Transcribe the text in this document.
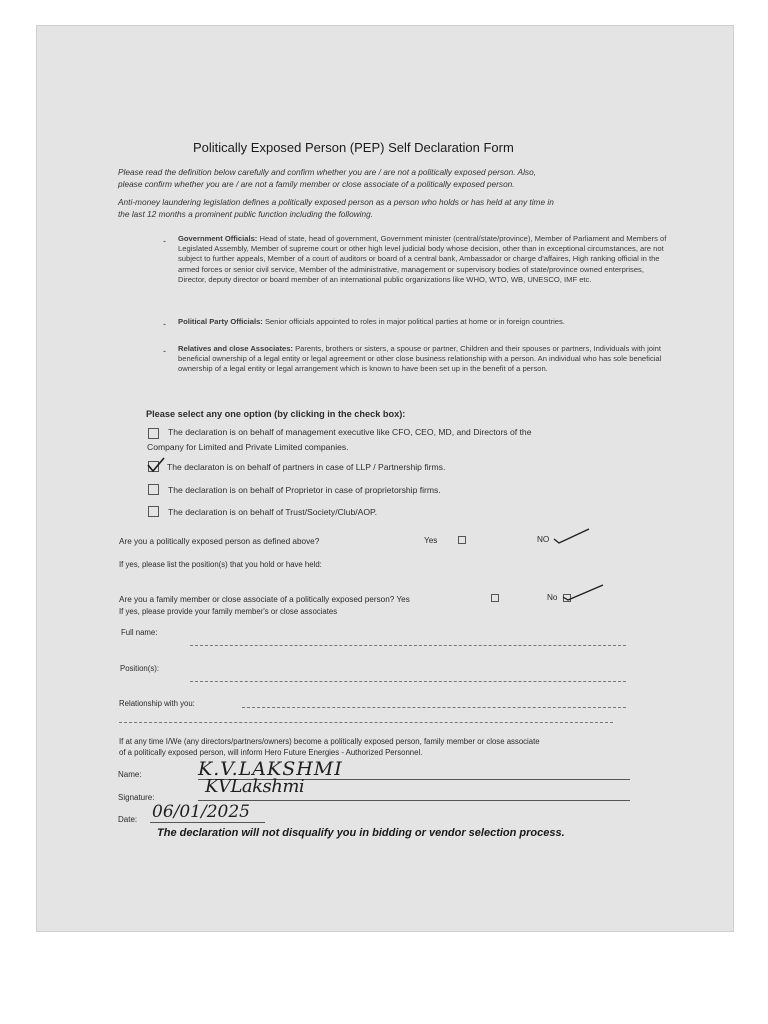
Politically Exposed Person (PEP) Self Declaration Form
Please read the definition below carefully and confirm whether you are / are not a politically exposed person. Also,
please confirm whether you are / are not a family member or close associate of a politically exposed person.
Anti-money laundering legislation defines a politically exposed person as a person who holds or has held at any time in
the last 12 months a prominent public function including the following.
- Government Officials: Head of state, head of government, Government minister (central/state/province), Member of Parliament and Members of Legislated Assembly, Member of supreme court or other high level judicial body whose decision, other than in exceptional circumstances, are not subject to further appeals, Member of a court of auditors or board of a central bank, Ambassador or charge d'affaires, High ranking official in the armed forces or senior civil service, Member of the administrative, management or supervisory bodies of state/province owned enterprises, Director, deputy director or board member of an international public organizations like WHO, WTO, WB, UNESCO, IMF etc.
- Political Party Officials: Senior officials appointed to roles in major political parties at home or in foreign countries.
- Relatives and close Associates: Parents, brothers or sisters, a spouse or partner, Children and their spouses or partners, Individuals with joint beneficial ownership of a legal entity or legal agreement or other close business relationship with a person. An individual who has sole beneficial ownership of a legal entity or legal arrangement which is known to have been set up in the benefit of a person.
Please select any one option (by clicking in the check box):
The declaration is on behalf of management executive like CFO, CEO, MD, and Directors of the
Company for Limited and Private Limited companies.
The declaraton is on behalf of partners in case of LLP / Partnership firms.
The declaration is on behalf of Proprietor in case of proprietorship firms.
The declaration is on behalf of Trust/Society/Club/AOP.
Are you a politically exposed person as defined above?	Yes	NO
If yes, please list the position(s) that you hold or have held:
Are you a family member or close associate of a politically exposed person? Yes	No
If yes, please provide your family member's or close associates
Full name:
Position(s):
Relationship with you:
If at any time I/We (any directors/partners/owners) become a politically exposed person, family member or close associate
of a politically exposed person, will inform Hero Future Energies - Authorized Personnel.
Name:	K.V.LAKSHMI
Signature:
KVLakshmi
Date: 06/01/2025
The declaration will not disqualify you in bidding or vendor selection process.
